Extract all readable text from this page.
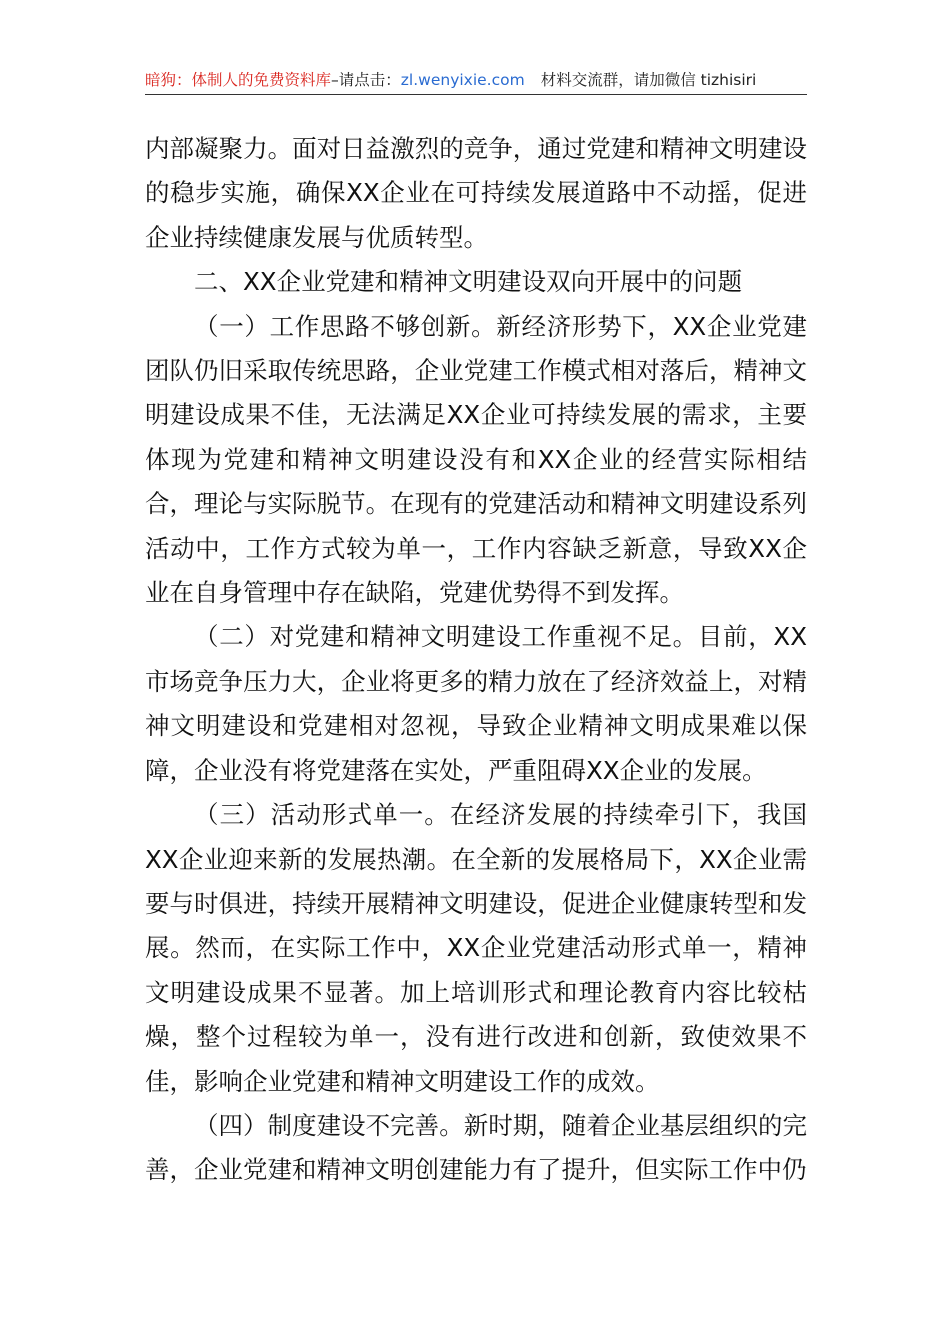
暗狗：体制人的免费资料库–请点击：zl.wenyixie.com 材料交流群，请加微信 tizhisiri

内部凝聚力。面对日益激烈的竞争，通过党建和精神文明建设的稳步实施，确保XX企业在可持续发展道路中不动摇，促进企业持续健康发展与优质转型。

二、XX企业党建和精神文明建设双向开展中的问题

（一）工作思路不够创新。新经济形势下，XX企业党建团队仍旧采取传统思路，企业党建工作模式相对落后，精神文明建设成果不佳，无法满足XX企业可持续发展的需求，主要体现为党建和精神文明建设没有和XX企业的经营实际相结合，理论与实际脱节。在现有的党建活动和精神文明建设系列活动中，工作方式较为单一，工作内容缺乏新意，导致XX企业在自身管理中存在缺陷，党建优势得不到发挥。

（二）对党建和精神文明建设工作重视不足。目前，XX市场竞争压力大，企业将更多的精力放在了经济效益上，对精神文明建设和党建相对忽视，导致企业精神文明成果难以保障，企业没有将党建落在实处，严重阻碍XX企业的发展。

（三）活动形式单一。在经济发展的持续牵引下，我国XX企业迎来新的发展热潮。在全新的发展格局下，XX企业需要与时俱进，持续开展精神文明建设，促进企业健康转型和发展。然而，在实际工作中，XX企业党建活动形式单一，精神文明建设成果不显著。加上培训形式和理论教育内容比较枯燥，整个过程较为单一，没有进行改进和创新，致使效果不佳，影响企业党建和精神文明建设工作的成效。

（四）制度建设不完善。新时期，随着企业基层组织的完善，企业党建和精神文明创建能力有了提升，但实际工作中仍
